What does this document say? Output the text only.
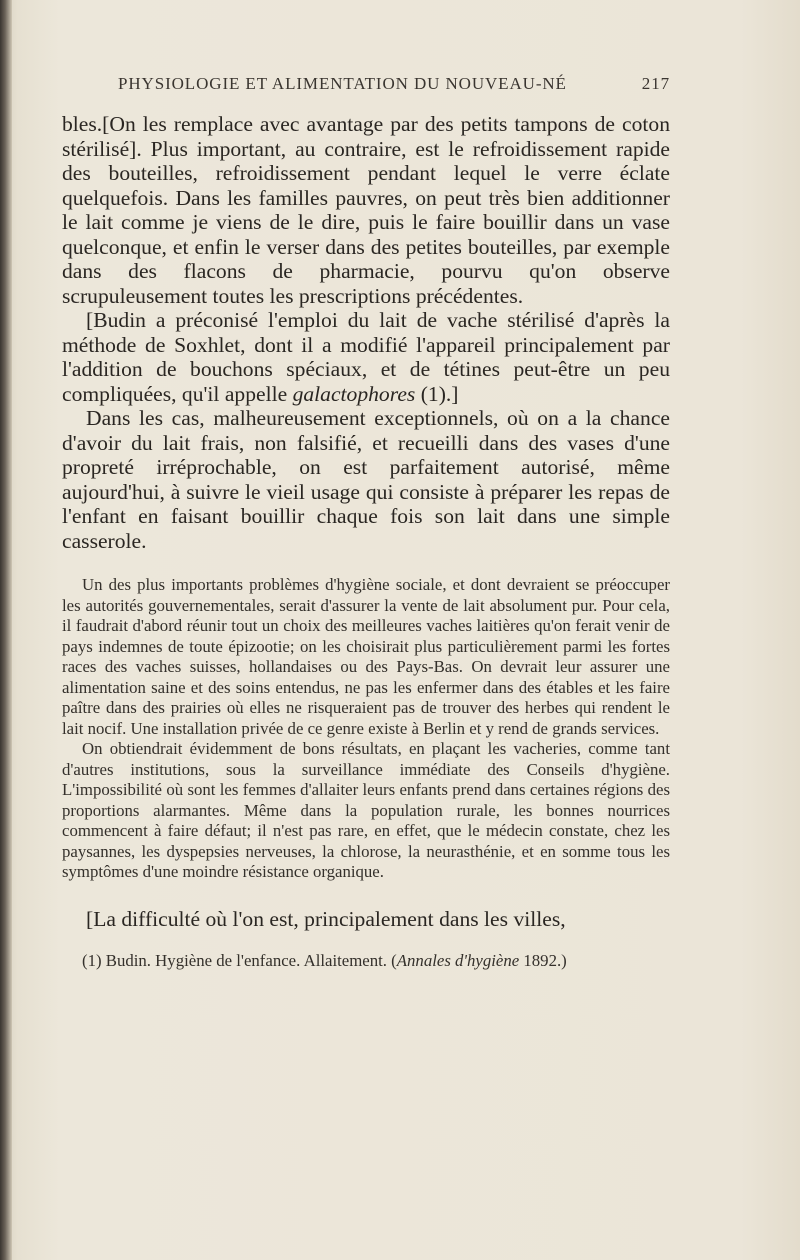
PHYSIOLOGIE ET ALIMENTATION DU NOUVEAU-NÉ	217

bles.[On les remplace avec avantage par des petits tampons de coton stérilisé]. Plus important, au contraire, est le refroidissement rapide des bouteilles, refroidissement pendant lequel le verre éclate quelquefois. Dans les familles pauvres, on peut très bien additionner le lait comme je viens de le dire, puis le faire bouillir dans un vase quelconque, et enfin le verser dans des petites bouteilles, par exemple dans des flacons de pharmacie, pourvu qu'on observe scrupuleusement toutes les prescriptions précédentes.

[Budin a préconisé l'emploi du lait de vache stérilisé d'après la méthode de Soxhlet, dont il a modifié l'appareil principalement par l'addition de bouchons spéciaux, et de tétines peut-être un peu compliquées, qu'il appelle galactophores (1).]

Dans les cas, malheureusement exceptionnels, où on a la chance d'avoir du lait frais, non falsifié, et recueilli dans des vases d'une propreté irréprochable, on est parfaitement autorisé, même aujourd'hui, à suivre le vieil usage qui consiste à préparer les repas de l'enfant en faisant bouillir chaque fois son lait dans une simple casserole.

Un des plus importants problèmes d'hygiène sociale, et dont devraient se préoccuper les autorités gouvernementales, serait d'assurer la vente de lait absolument pur. Pour cela, il faudrait d'abord réunir tout un choix des meilleures vaches laitières qu'on ferait venir de pays indemnes de toute épizootie; on les choisirait plus particulièrement parmi les fortes races des vaches suisses, hollandaises ou des Pays-Bas. On devrait leur assurer une alimentation saine et des soins entendus, ne pas les enfermer dans des étables et les faire paître dans des prairies où elles ne risqueraient pas de trouver des herbes qui rendent le lait nocif. Une installation privée de ce genre existe à Berlin et y rend de grands services.

On obtiendrait évidemment de bons résultats, en plaçant les vacheries, comme tant d'autres institutions, sous la surveillance immédiate des Conseils d'hygiène. L'impossibilité où sont les femmes d'allaiter leurs enfants prend dans certaines régions des proportions alarmantes. Même dans la population rurale, les bonnes nourrices commencent à faire défaut; il n'est pas rare, en effet, que le médecin constate, chez les paysannes, les dyspepsies nerveuses, la chlorose, la neurasthénie, et en somme tous les symptômes d'une moindre résistance organique.

[La difficulté où l'on est, principalement dans les villes,

(1) Budin. Hygiène de l'enfance. Allaitement. (Annales d'hygiène 1892.)
